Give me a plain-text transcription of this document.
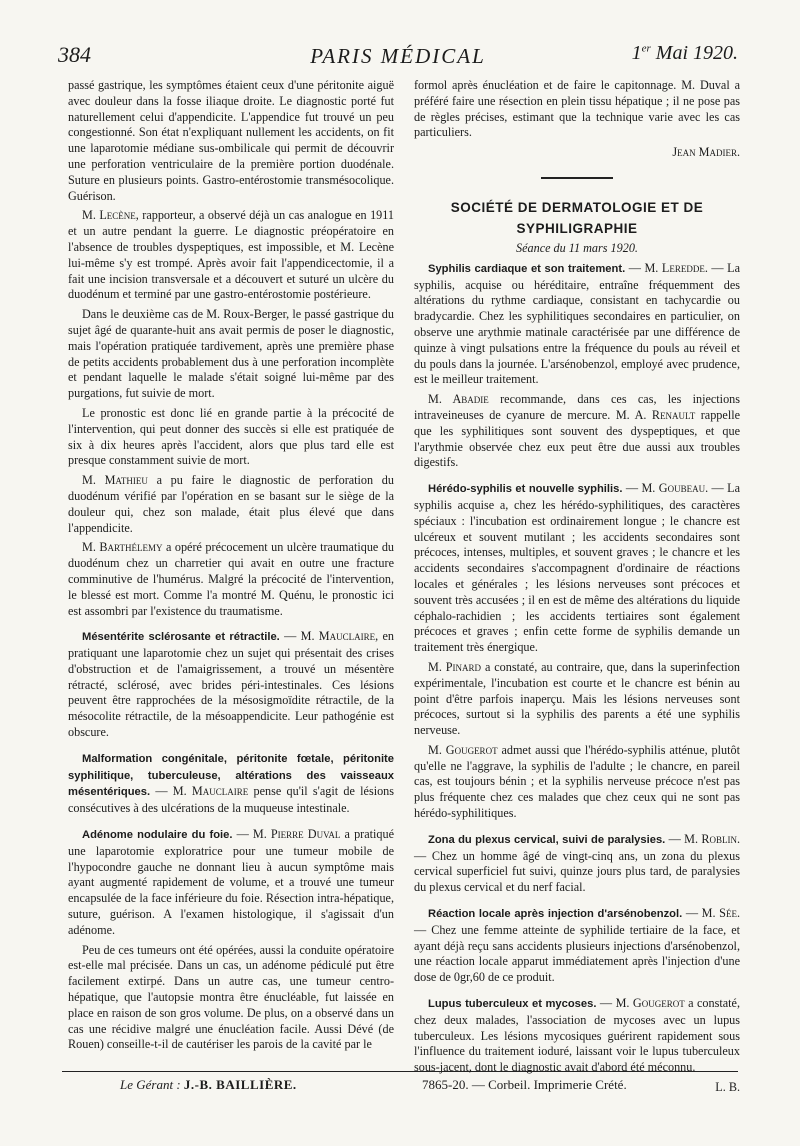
384	PARIS MÉDICAL	1er Mai 1920.

passé gastrique, les symptômes étaient ceux d'une péritonite aiguë avec douleur dans la fosse iliaque droite. Le diagnostic porté fut naturellement celui d'appendicite. L'appendice fut trouvé un peu congestionné. Son état n'expliquant nullement les accidents, on fit une laparotomie médiane sus-ombilicale qui permit de découvrir une perforation ventriculaire de la première portion duodénale. Suture en plusieurs points. Gastro-entérostomie transmésocolique. Guérison.

M. Lecène, rapporteur, a observé déjà un cas analogue en 1911 et un autre pendant la guerre. Le diagnostic préopératoire en l'absence de troubles dyspeptiques, est impossible, et M. Lecène lui-même s'y est trompé. Après avoir fait l'appendicectomie, il a fait une incision transversale et a découvert et suturé un ulcère du duodénum et terminé par une gastro-entérostomie postérieure.

Dans le deuxième cas de M. Roux-Berger, le passé gastrique du sujet âgé de quarante-huit ans avait permis de poser le diagnostic, mais l'opération pratiquée tardivement, après une première phase de petits accidents probablement dus à une perforation incomplète et pendant laquelle le malade s'était soigné lui-même par des purgations, fut suivie de mort.

Le pronostic est donc lié en grande partie à la précocité de l'intervention, qui peut donner des succès si elle est pratiquée de six à dix heures après l'accident, alors que plus tard elle est presque constamment suivie de mort.

M. Mathieu a pu faire le diagnostic de perforation du duodénum vérifié par l'opération en se basant sur le siège de la douleur qui, chez son malade, était plus élevé que dans l'appendicite.

M. Barthélemy a opéré précocement un ulcère traumatique du duodénum chez un charretier qui avait en outre une fracture comminutive de l'humérus. Malgré la précocité de l'intervention, le blessé est mort. Comme l'a montré M. Quénu, le pronostic ici est assombri par l'existence du traumatisme.

Mésentérite sclérosante et rétractile. — M. Mauclaire, en pratiquant une laparotomie chez un sujet qui présentait des crises d'obstruction et de l'amaigrissement, a trouvé un mésentère rétracté, sclérosé, avec brides péri-intestinales. Ces lésions peuvent être rapprochées de la mésosigmoïdite rétractile, de la mésocolite rétractile, de la mésoappendicite. Leur pathogénie est obscure.

Malformation congénitale, péritonite fœtale, péritonite syphilitique, tuberculeuse, altérations des vaisseaux mésentériques. — M. Mauclaire pense qu'il s'agit de lésions consécutives à des ulcérations de la muqueuse intestinale.

Adénome nodulaire du foie. — M. Pierre Duval a pratiqué une laparotomie exploratrice pour une tumeur mobile de l'hypocondre gauche ne donnant lieu à aucun symptôme mais ayant augmenté rapidement de volume, et a trouvé une tumeur encapsulée de la face inférieure du foie. Résection intra-hépatique, suture, guérison. A l'examen histologique, il s'agissait d'un adénome.

Peu de ces tumeurs ont été opérées, aussi la conduite opératoire est-elle mal précisée. Dans un cas, un adénome pédiculé put être facilement extirpé. Dans un autre cas, une tumeur centro-hépatique, que l'autopsie montra être énucléable, fut laissée en place en raison de son gros volume. De plus, on a observé dans un cas une récidive malgré une énucléation facile. Aussi Dévé (de Rouen) conseille-t-il de cautériser les parois de la cavité par le

formol après énucléation et de faire le capitonnage. M. Duval a préféré faire une résection en plein tissu hépatique ; il ne pose pas de règles précises, estimant que la technique varie avec les cas particuliers.

Jean Madier.

SOCIÉTÉ DE DERMATOLOGIE ET DE

SYPHILIGRAPHIE

Séance du 11 mars 1920.

Syphilis cardiaque et son traitement. — M. Leredde. — La syphilis, acquise ou héréditaire, entraîne fréquemment des altérations du rythme cardiaque, consistant en tachycardie ou bradycardie. Chez les syphilitiques secondaires en particulier, on observe une arythmie matinale caractérisée par une différence de quinze à vingt pulsations entre la fréquence du pouls au réveil et du pouls dans la journée. L'arsénobenzol, employé avec prudence, est le meilleur traitement.

M. Abadie recommande, dans ces cas, les injections intraveineuses de cyanure de mercure. M. A. Renault rappelle que les syphilitiques sont souvent des dyspeptiques, et que l'arythmie observée chez eux peut être due aussi aux troubles digestifs.

Hérédo-syphilis et nouvelle syphilis. — M. Goubeau. — La syphilis acquise a, chez les hérédo-syphilitiques, des caractères spéciaux : l'incubation est ordinairement longue ; le chancre est ulcéreux et souvent mutilant ; les accidents secondaires sont précoces, intenses, multiples, et souvent graves ; le chancre et les accidents secondaires s'accompagnent d'ordinaire de réactions locales et générales ; les lésions nerveuses sont précoces et souvent très accusées ; il en est de même des altérations du liquide céphalo-rachidien ; les accidents tertiaires sont également précoces et graves ; enfin cette forme de syphilis demande un traitement très énergique.

M. Pinard a constaté, au contraire, que, dans la superinfection expérimentale, l'incubation est courte et le chancre est bénin au point d'être parfois inaperçu. Mais les lésions nerveuses sont précoces, surtout si la syphilis des parents a été une syphilis nerveuse.

M. Gougerot admet aussi que l'hérédo-syphilis atténue, plutôt qu'elle ne l'aggrave, la syphilis de l'adulte ; le chancre, en pareil cas, est toujours bénin ; et la syphilis nerveuse précoce n'est pas plus fréquente chez ces malades que chez ceux qui ne sont pas hérédo-syphilitiques.

Zona du plexus cervical, suivi de paralysies. — M. Roblin. — Chez un homme âgé de vingt-cinq ans, un zona du plexus cervical superficiel fut suivi, quinze jours plus tard, de paralysies du plexus cervical et du nerf facial.

Réaction locale après injection d'arsénobenzol. — M. Sée. — Chez une femme atteinte de syphilide tertiaire de la face, et ayant déjà reçu sans accidents plusieurs injections d'arsénobenzol, une réaction locale apparut immédiatement après l'injection d'une dose de 0gr,60 de ce produit.

Lupus tuberculeux et mycoses. — M. Gougerot a constaté, chez deux malades, l'association de mycoses avec un lupus tuberculeux. Les lésions mycosiques guérirent rapidement sous l'influence du traitement ioduré, laissant voir le lupus tuberculeux sous-jacent, dont le diagnostic avait d'abord été méconnu.

L. B.

Le Gérant : J.-B. BAILLIÈRE.	7865-20. — Corbeil. Imprimerie Crété.
